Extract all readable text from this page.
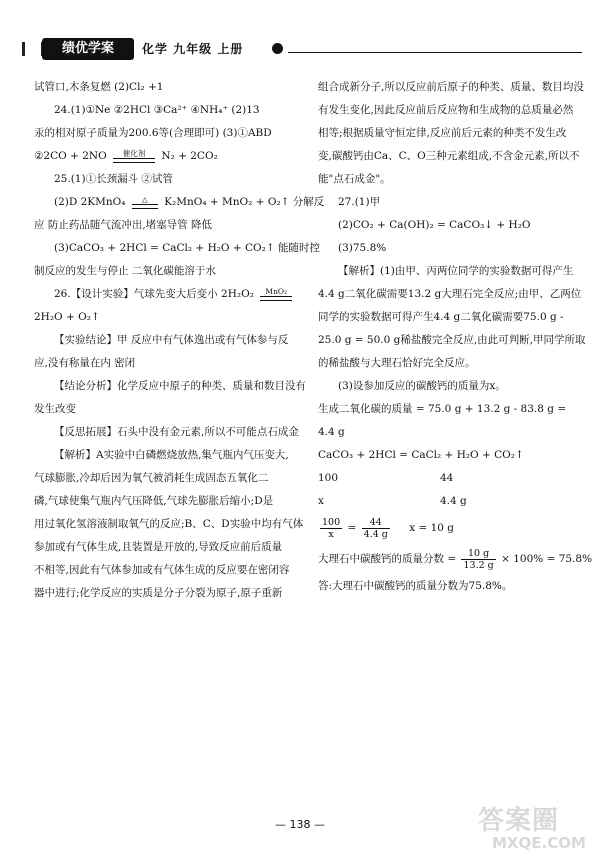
绩优学案	化学 九年级 上册
试管口,木条复燃 (2)Cl₂ +1
24.(1)①Ne ②2HCl ③Ca²⁺ ④NH₄⁺ (2)13
汞的相对原子质量为200.6等(合理即可) (3)①ABD
②2CO + 2NO	催化剂	N₂ + 2CO₂
25.(1)①长颈漏斗 ②试管
(2)D 2KMnO₄	△	K₂MnO₄ + MnO₂ + O₂↑ 分解反
应 防止药品随气流冲出,堵塞导管 降低
(3)CaCO₃ + 2HCl = CaCl₂ + H₂O + CO₂↑ 能随时控
制反应的发生与停止 二氧化碳能溶于水
26.【设计实验】气球先变大后变小 2H₂O₂	MnO₂
2H₂O + O₂↑
【实验结论】甲 反应中有气体逸出或有气体参与反
应,没有称量在内 密闭
【结论分析】化学反应中原子的种类、质量和数目没有
发生改变
【反思拓展】石头中没有金元素,所以不可能点石成金
【解析】A实验中白磷燃烧放热,集气瓶内气压变大,
气球膨胀,冷却后因为氧气被消耗生成固态五氧化二
磷,气球使集气瓶内气压降低,气球先膨胀后缩小;D是
用过氧化氢溶液制取氧气的反应;B、C、D实验中均有气体
参加或有气体生成,且装置是开放的,导致反应前后质量
不相等,因此有气体参加或有气体生成的反应要在密闭容
器中进行;化学反应的实质是分子分裂为原子,原子重新
组合成新分子,所以反应前后原子的种类、质量、数目均没
有发生变化,因此反应前后反应物和生成物的总质量必然
相等;根据质量守恒定律,反应前后元素的种类不发生改
变,碳酸钙由Ca、C、O三种元素组成,不含金元素,所以不
能"点石成金"。
27.(1)甲
(2)CO₂ + Ca(OH)₂ = CaCO₃↓ + H₂O
(3)75.8%
【解析】(1)由甲、丙两位同学的实验数据可得产生
4.4 g二氧化碳需要13.2 g大理石完全反应;由甲、乙两位
同学的实验数据可得产生4.4 g二氧化碳需要75.0 g -
25.0 g = 50.0 g稀盐酸完全反应,由此可判断,甲同学所取
的稀盐酸与大理石恰好完全反应。
(3)设参加反应的碳酸钙的质量为x。
生成二氧化碳的质量 = 75.0 g + 13.2 g - 83.8 g =
4.4 g
CaCO₃ + 2HCl = CaCl₂ + H₂O + CO₂↑
100	44
x	4.4 g
$\frac{100}{x} = \frac{44}{4.4 g}$ x = 10 g
大理石中碳酸钙的质量分数 = $\frac{10 g}{13.2 g} \times 100\% = 75.8\%$
答:大理石中碳酸钙的质量分数为75.8%。
— 138 —	答案圈
MXQE.COM
